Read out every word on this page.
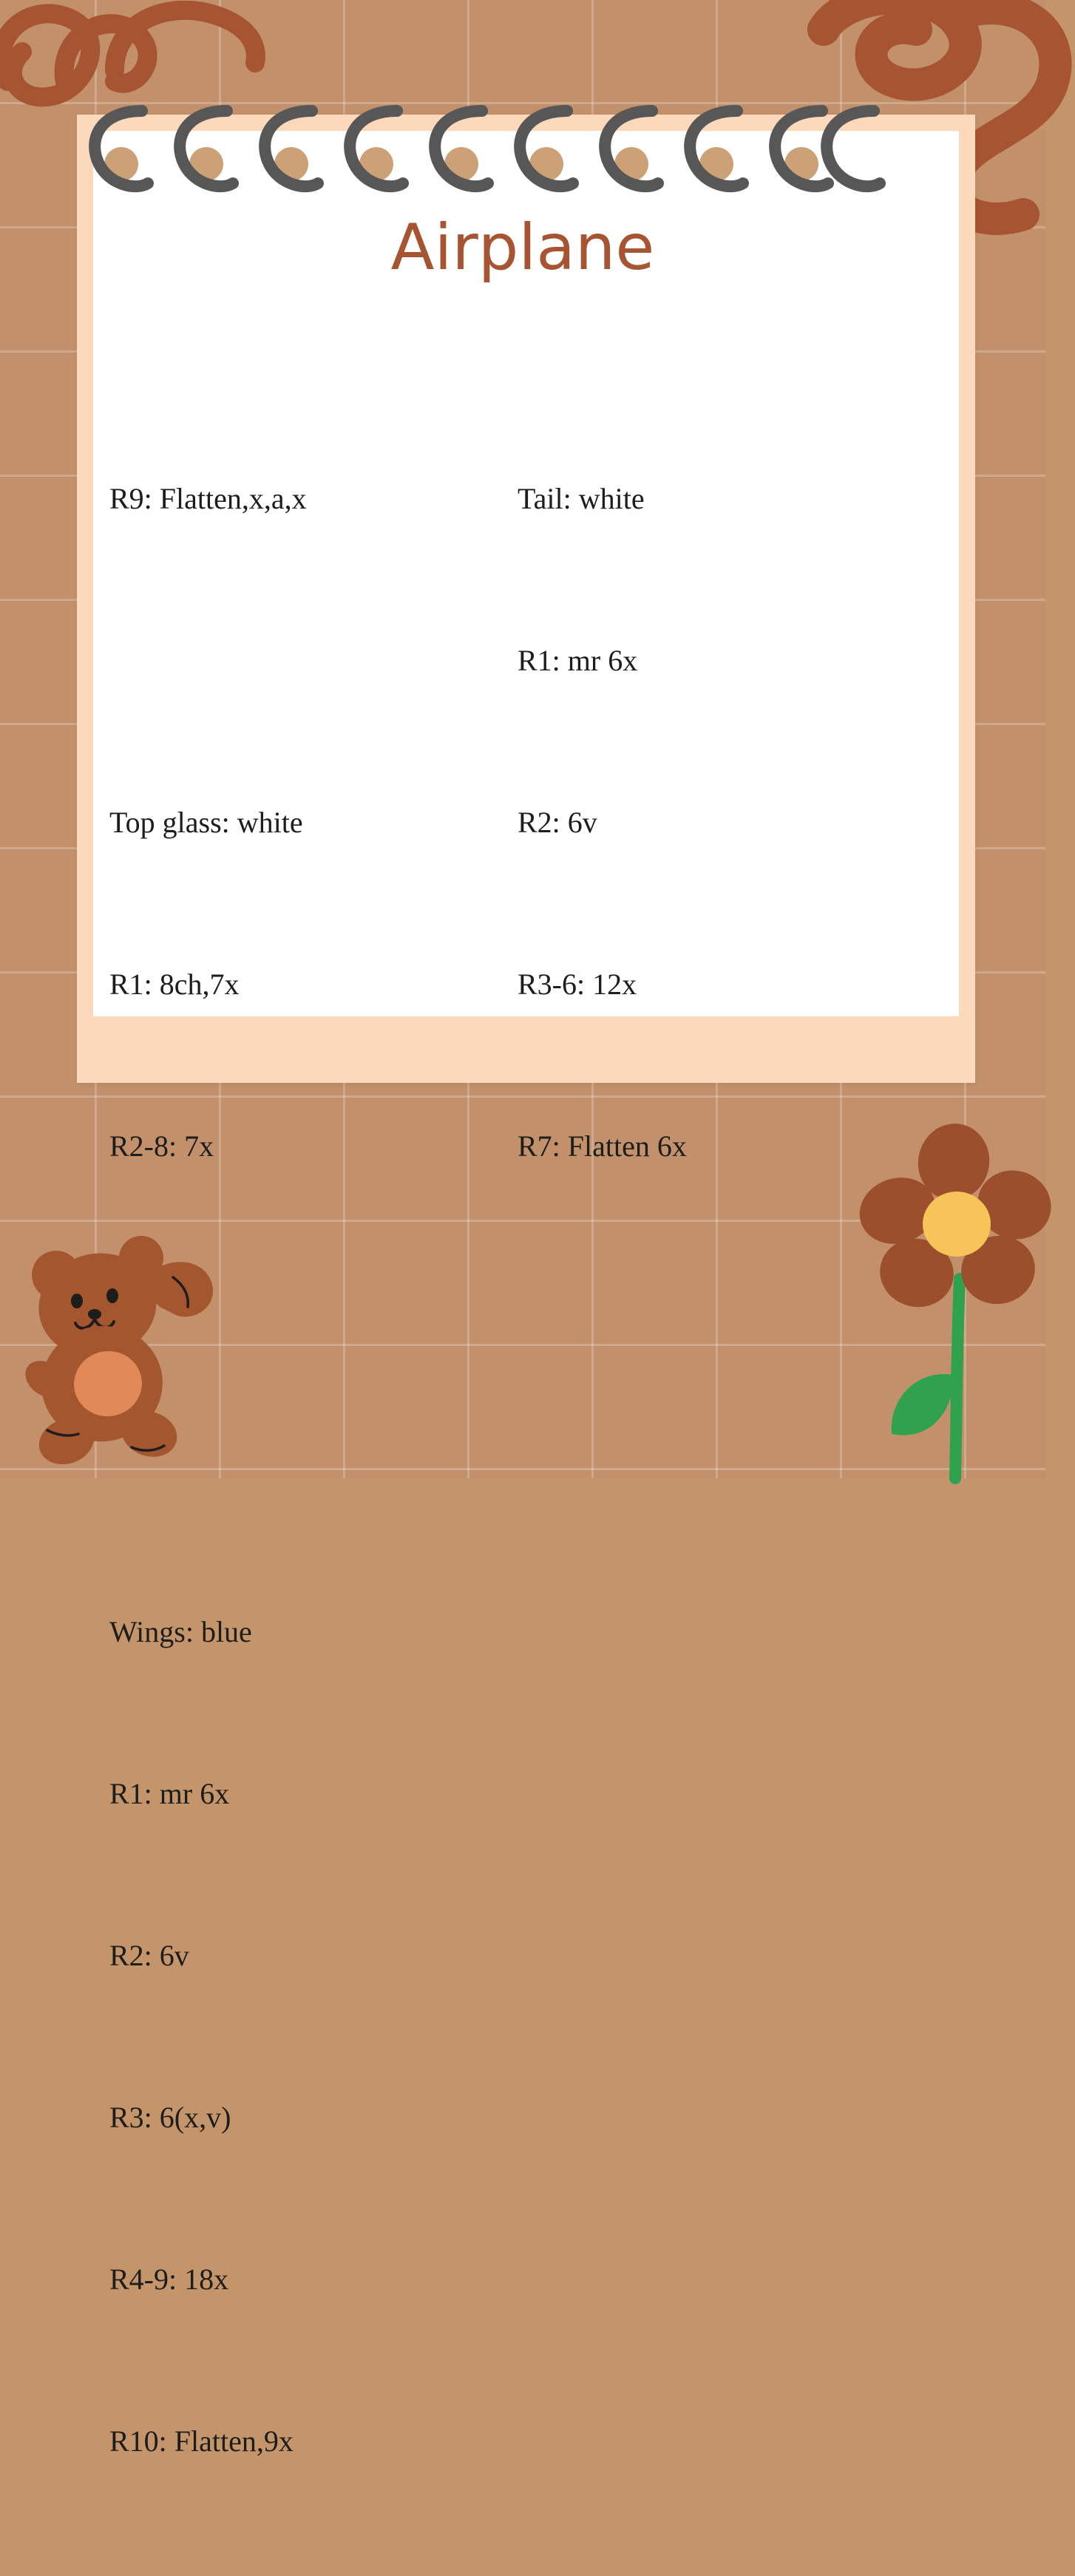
Airplane

R9: Flatten,x,a,x

Top glass: white

R1: 8ch,7x

R2-8: 7x

Wings: blue

R1: mr 6x

R2: 6v

R3: 6(x,v)

R4-9: 18x

R10: Flatten,9x

Tail: white

R1: mr 6x

R2: 6v

R3-6: 12x

R7: Flatten 6x
